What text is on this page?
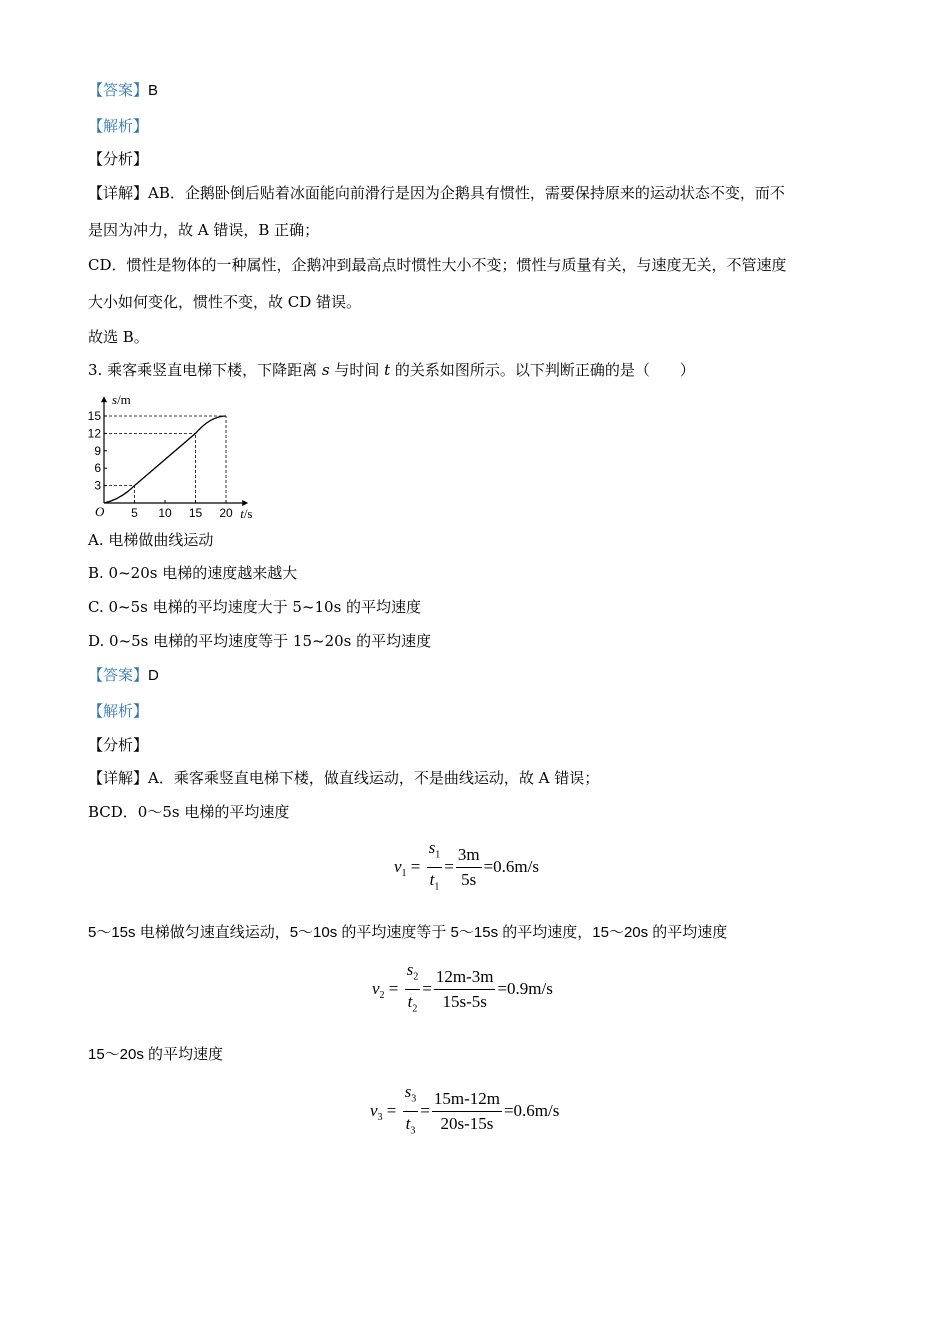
【答案】B
【解析】
【分析】
【详解】AB．企鹅卧倒后贴着冰面能向前滑行是因为企鹅具有惯性，需要保持原来的运动状态不变，而不
是因为冲力，故 A 错误，B 正确；
CD．惯性是物体的一种属性，企鹅冲到最高点时惯性大小不变；惯性与质量有关，与速度无关，不管速度
大小如何变化，惯性不变，故 CD 错误。
故选 B。
3. 乘客乘竖直电梯下楼，下降距离 s 与时间 t 的关系如图所示。以下判断正确的是（　　）
s/m
t/s
O 5 10 15 20
3
6
9
12
15
A. 电梯做曲线运动
B. 0~20s 电梯的速度越来越大
C. 0~5s 电梯的平均速度大于 5~10s 的平均速度
D. 0~5s 电梯的平均速度等于 15~20s 的平均速度
【答案】D
【解析】
【分析】
【详解】A．乘客乘竖直电梯下楼，做直线运动，不是曲线运动，故 A 错误；
BCD．0～5s 电梯的平均速度
$v_1 = \frac{s_1}{t_1} = \frac{3m}{5s} =0.6m/s$
5～15s 电梯做匀速直线运动，5～10s 的平均速度等于 5～15s 的平均速度，15～20s 的平均速度
$v_2 = \frac{s_2}{t_2} = \frac{12m-3m}{15s-5s} =0.9m/s$
15～20s 的平均速度
$v_3 = \frac{s_3}{t_3} = \frac{15m-12m}{20s-15s} =0.6m/s$
